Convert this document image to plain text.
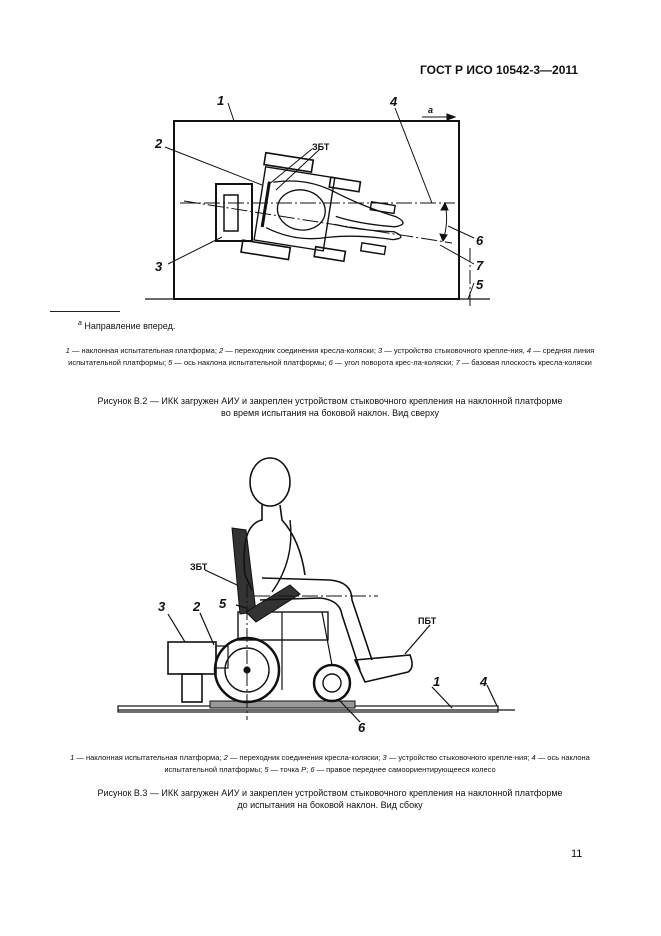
ГОСТ Р ИСО 10542-3—2011
1	4
a
2	ЗБТ
3
6
7
5
$^a$ Направление вперед.
1 — наклонная испытательная платформа; 2 — переходник соединения кресла-коляски; 3 — устройство стыковочного крепле-ния, 4 — средняя линия испытательной платформы; 5 — ось наклона испытательной платформы; 6 — угол поворота крес-ла-коляски; 7 — базовая плоскость кресла-коляски
Рисунок В.2 — ИКК загружен АИУ и закреплен устройством стыковочного крепления на наклонной платформе
во время испытания на боковой наклон. Вид сверху
ЗБТ
5
3 2
ПБТ
1	4
6
1 — наклонная испытательная платформа; 2 — переходник соединения кресла-коляски; 3 — устройство стыковочного крепле-ния; 4 — ось наклона испытательной платформы; 5 — точка P; 6 — правое переднее самоориентирующееся колесо
Рисунок В.3 — ИКК загружен АИУ и закреплен устройством стыковочного крепления на наклонной платформе
до испытания на боковой наклон. Вид сбоку
11
